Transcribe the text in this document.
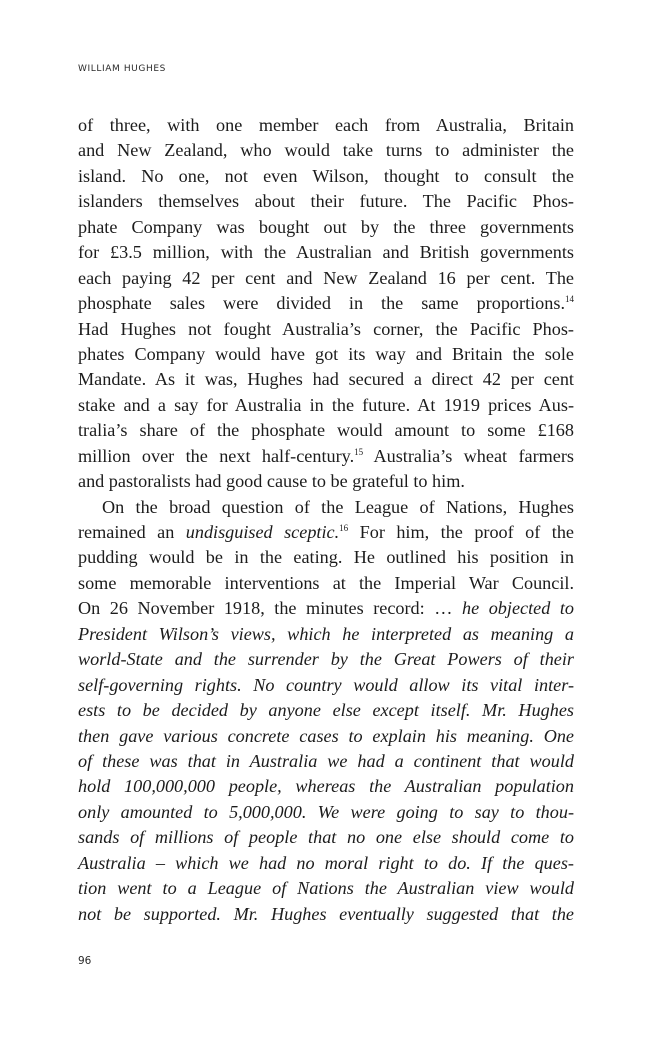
WILLIAM HUGHES
of three, with one member each from Australia, Britain
and New Zealand, who would take turns to administer the
island. No one, not even Wilson, thought to consult the
islanders themselves about their future. The Pacific Phos-
phate Company was bought out by the three governments
for £3.5 million, with the Australian and British governments
each paying 42 per cent and New Zealand 16 per cent. The
phosphate sales were divided in the same proportions.$^{14}$
Had Hughes not fought Australia’s corner, the Pacific Phos-
phates Company would have got its way and Britain the sole
Mandate. As it was, Hughes had secured a direct 42 per cent
stake and a say for Australia in the future. At 1919 prices Aus-
tralia’s share of the phosphate would amount to some £168
million over the next half-century.$^{15}$ Australia’s wheat farmers
and pastoralists had good cause to be grateful to him.
On the broad question of the League of Nations, Hughes
remained an undisguised sceptic.$^{16}$ For him, the proof of the
pudding would be in the eating. He outlined his position in
some memorable interventions at the Imperial War Council.
On 26 November 1918, the minutes record: … he objected to
President Wilson’s views, which he interpreted as meaning a
world-State and the surrender by the Great Powers of their
self-governing rights. No country would allow its vital inter-
ests to be decided by anyone else except itself. Mr. Hughes
then gave various concrete cases to explain his meaning. One
of these was that in Australia we had a continent that would
hold 100,000,000 people, whereas the Australian population
only amounted to 5,000,000. We were going to say to thou-
sands of millions of people that no one else should come to
Australia – which we had no moral right to do. If the ques-
tion went to a League of Nations the Australian view would
not be supported. Mr. Hughes eventually suggested that the
96
